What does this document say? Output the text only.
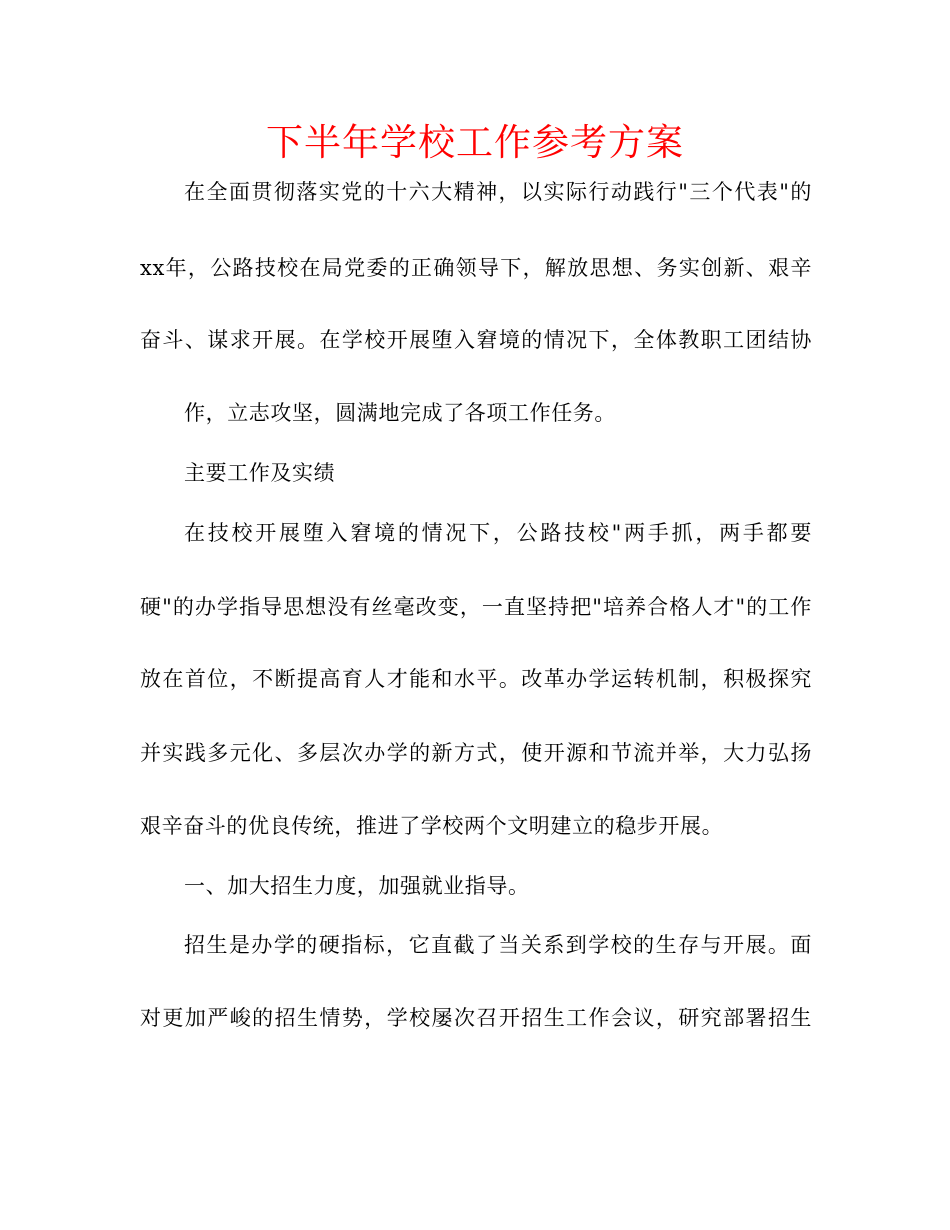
下半年学校工作参考方案
在全面贯彻落实党的十六大精神，以实际行动践行"三个代表"的
xx年，公路技校在局党委的正确领导下，解放思想、务实创新、艰辛
奋斗、谋求开展。在学校开展堕入窘境的情况下，全体教职工团结协
作，立志攻坚，圆满地完成了各项工作任务。
主要工作及实绩
在技校开展堕入窘境的情况下，公路技校"两手抓，两手都要
硬"的办学指导思想没有丝毫改变，一直坚持把"培养合格人才"的工作
放在首位，不断提高育人才能和水平。改革办学运转机制，积极探究
并实践多元化、多层次办学的新方式，使开源和节流并举，大力弘扬
艰辛奋斗的优良传统，推进了学校两个文明建立的稳步开展。
一、加大招生力度，加强就业指导。
招生是办学的硬指标，它直截了当关系到学校的生存与开展。面
对更加严峻的招生情势，学校屡次召开招生工作会议，研究部署招生
